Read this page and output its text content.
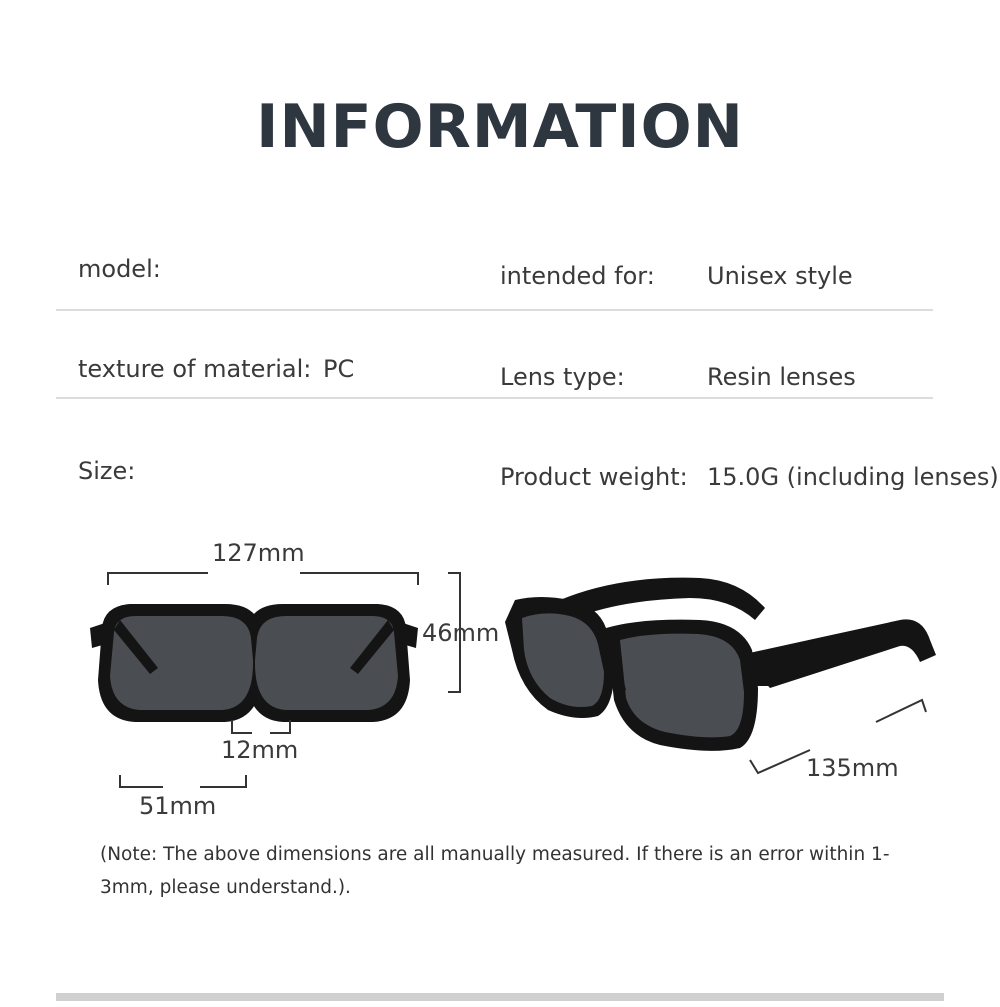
INFORMATION
model:	intended for: Unisex style
texture of material: PC	Lens type:	Resin lenses
Size:	Product weight: 15.0G (including lenses)
127mm
46mm
12mm
51mm
135mm
(Note: The above dimensions are all manually measured. If there is an error within 1-3mm, please understand.).
